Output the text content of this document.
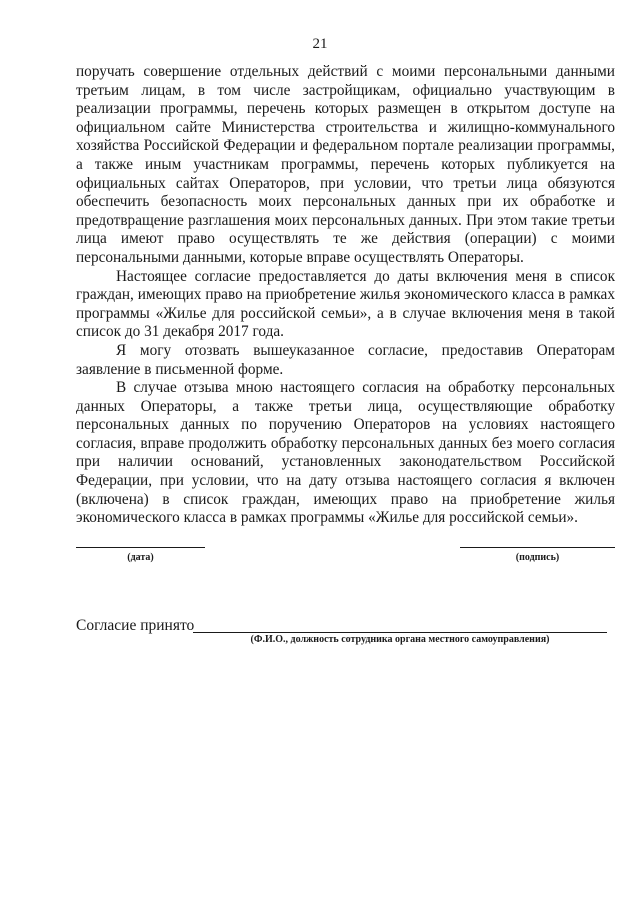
21

поручать совершение отдельных действий с моими персональными данными третьим лицам, в том числе застройщикам, официально участвующим в реализации программы, перечень которых размещен в открытом доступе на официальном сайте Министерства строительства и жилищно-коммунального хозяйства Российской Федерации и федеральном портале реализации программы, а также иным участникам программы, перечень которых публикуется на официальных сайтах Операторов, при условии, что третьи лица обязуются обеспечить безопасность моих персональных данных при их обработке и предотвращение разглашения моих персональных данных. При этом такие третьи лица имеют право осуществлять те же действия (операции) с моими персональными данными, которые вправе осуществлять Операторы.

Настоящее согласие предоставляется до даты включения меня в список граждан, имеющих право на приобретение жилья экономического класса в рамках программы «Жилье для российской семьи», а в случае включения меня в такой список до 31 декабря 2017 года.

Я могу отозвать вышеуказанное согласие, предоставив Операторам заявление в письменной форме.

В случае отзыва мною настоящего согласия на обработку персональных данных Операторы, а также третьи лица, осуществляющие обработку персональных данных по поручению Операторов на условиях настоящего согласия, вправе продолжить обработку персональных данных без моего согласия при наличии оснований, установленных законодательством Российской Федерации, при условии, что на дату отзыва настоящего согласия я включен (включена) в список граждан, имеющих право на приобретение жилья экономического класса в рамках программы «Жилье для российской семьи».

(дата)	(подпись)
Согласие принято
(Ф.И.О., должность сотрудника органа местного самоуправления)
